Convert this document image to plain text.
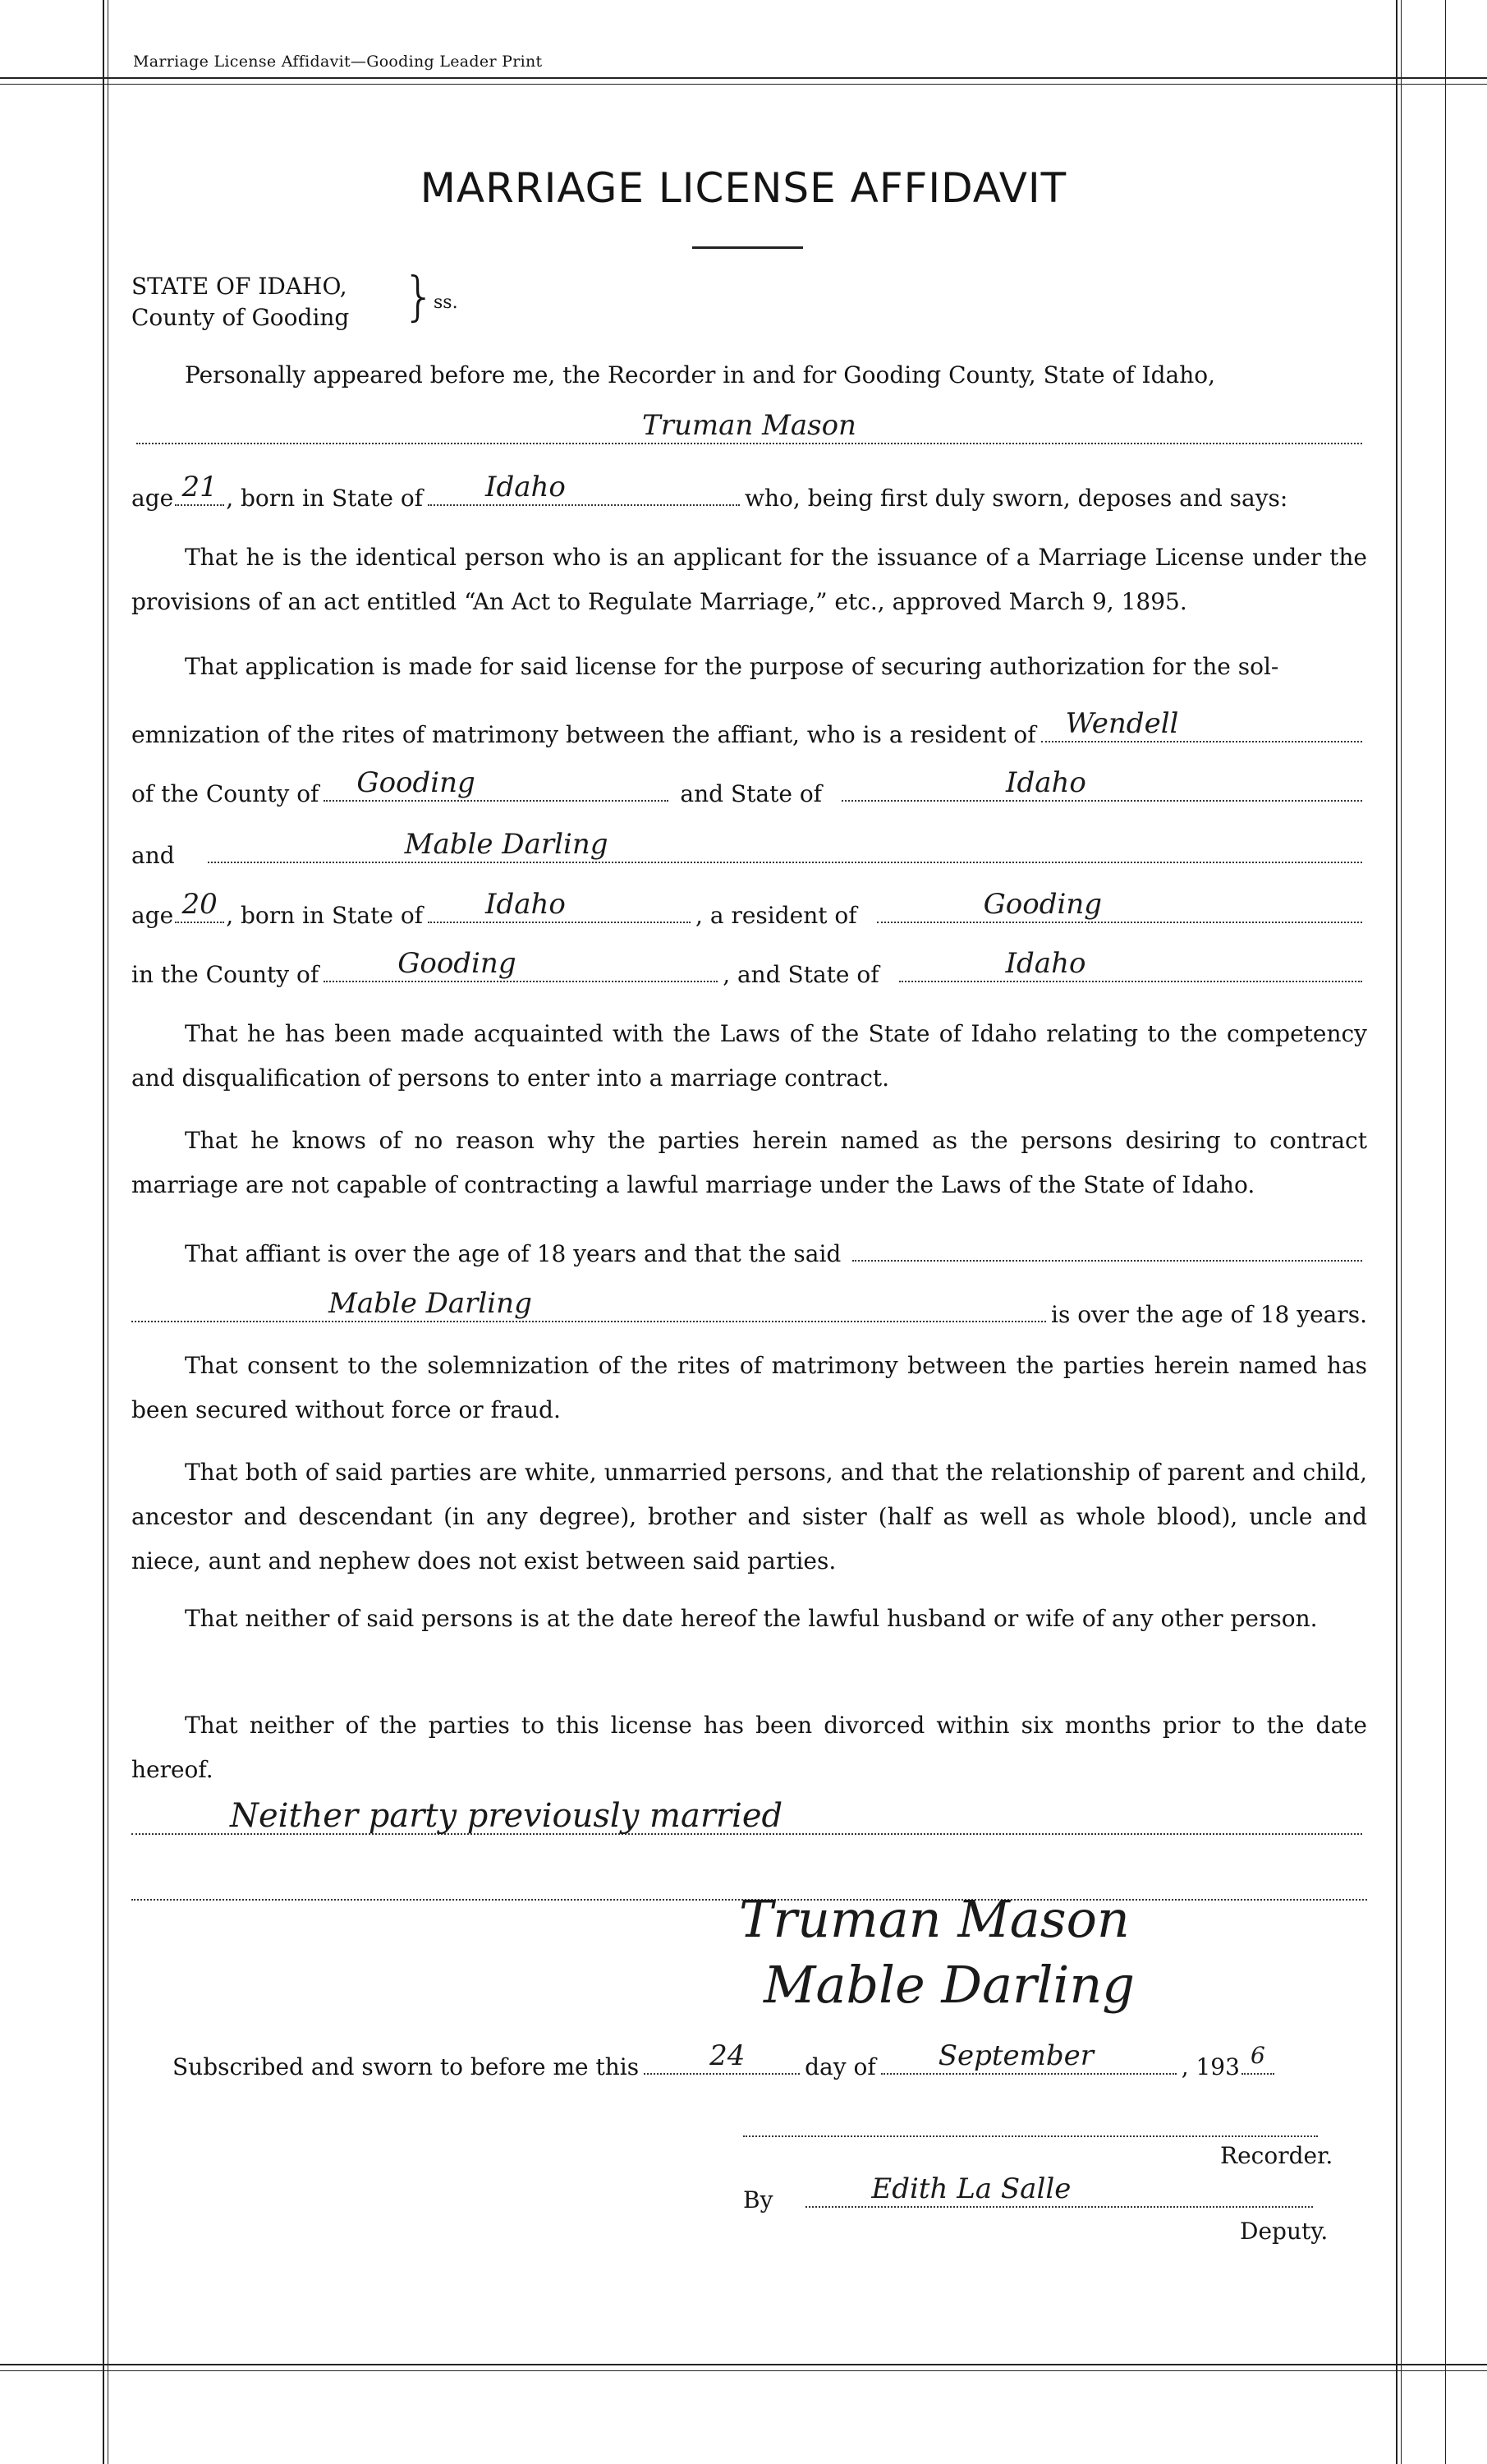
Marriage License Affidavit—Gooding Leader Print
MARRIAGE LICENSE AFFIDAVIT
STATE OF IDAHO,
County of Gooding }
ss.
Personally appeared before me, the Recorder in and for Gooding County, State of Idaho,
Truman Mason
age 21 , born in State of	Idaho	who, being first duly sworn, deposes and says:
That he is the identical person who is an applicant for the issuance of a Marriage License under the provisions of an act entitled “An Act to Regulate Marriage,” etc., approved March 9, 1895.
That application is made for said license for the purpose of securing authorization for the sol-
emnization of the rites of matrimony between the affiant, who is a resident of	Wendell
of the County of	Gooding	and State of	Idaho
and	Mable Darling
age 20 , born in State of	Idaho	, a resident of	Gooding
in the County of	Gooding	, and State of	Idaho
That he has been made acquainted with the Laws of the State of Idaho relating to the competency and disqualification of persons to enter into a marriage contract.
That he knows of no reason why the parties herein named as the persons desiring to contract marriage are not capable of contracting a lawful marriage under the Laws of the State of Idaho.
That affiant is over the age of 18 years and that the said
Mable Darling	is over the age of 18 years.
That consent to the solemnization of the rites of matrimony between the parties herein named has been secured without force or fraud.
That both of said parties are white, unmarried persons, and that the relationship of parent and child, ancestor and descendant (in any degree), brother and sister (half as well as whole blood), uncle and niece, aunt and nephew does not exist between said parties.
That neither of said persons is at the date hereof the lawful husband or wife of any other person.
That neither of the parties to this license has been divorced within six months prior to the date hereof.
Neither party previously married
Truman Mason
Mable Darling
Subscribed and sworn to before me this	24	day of	September	, 193 6
Recorder.
By	Edith La Salle
Deputy.
